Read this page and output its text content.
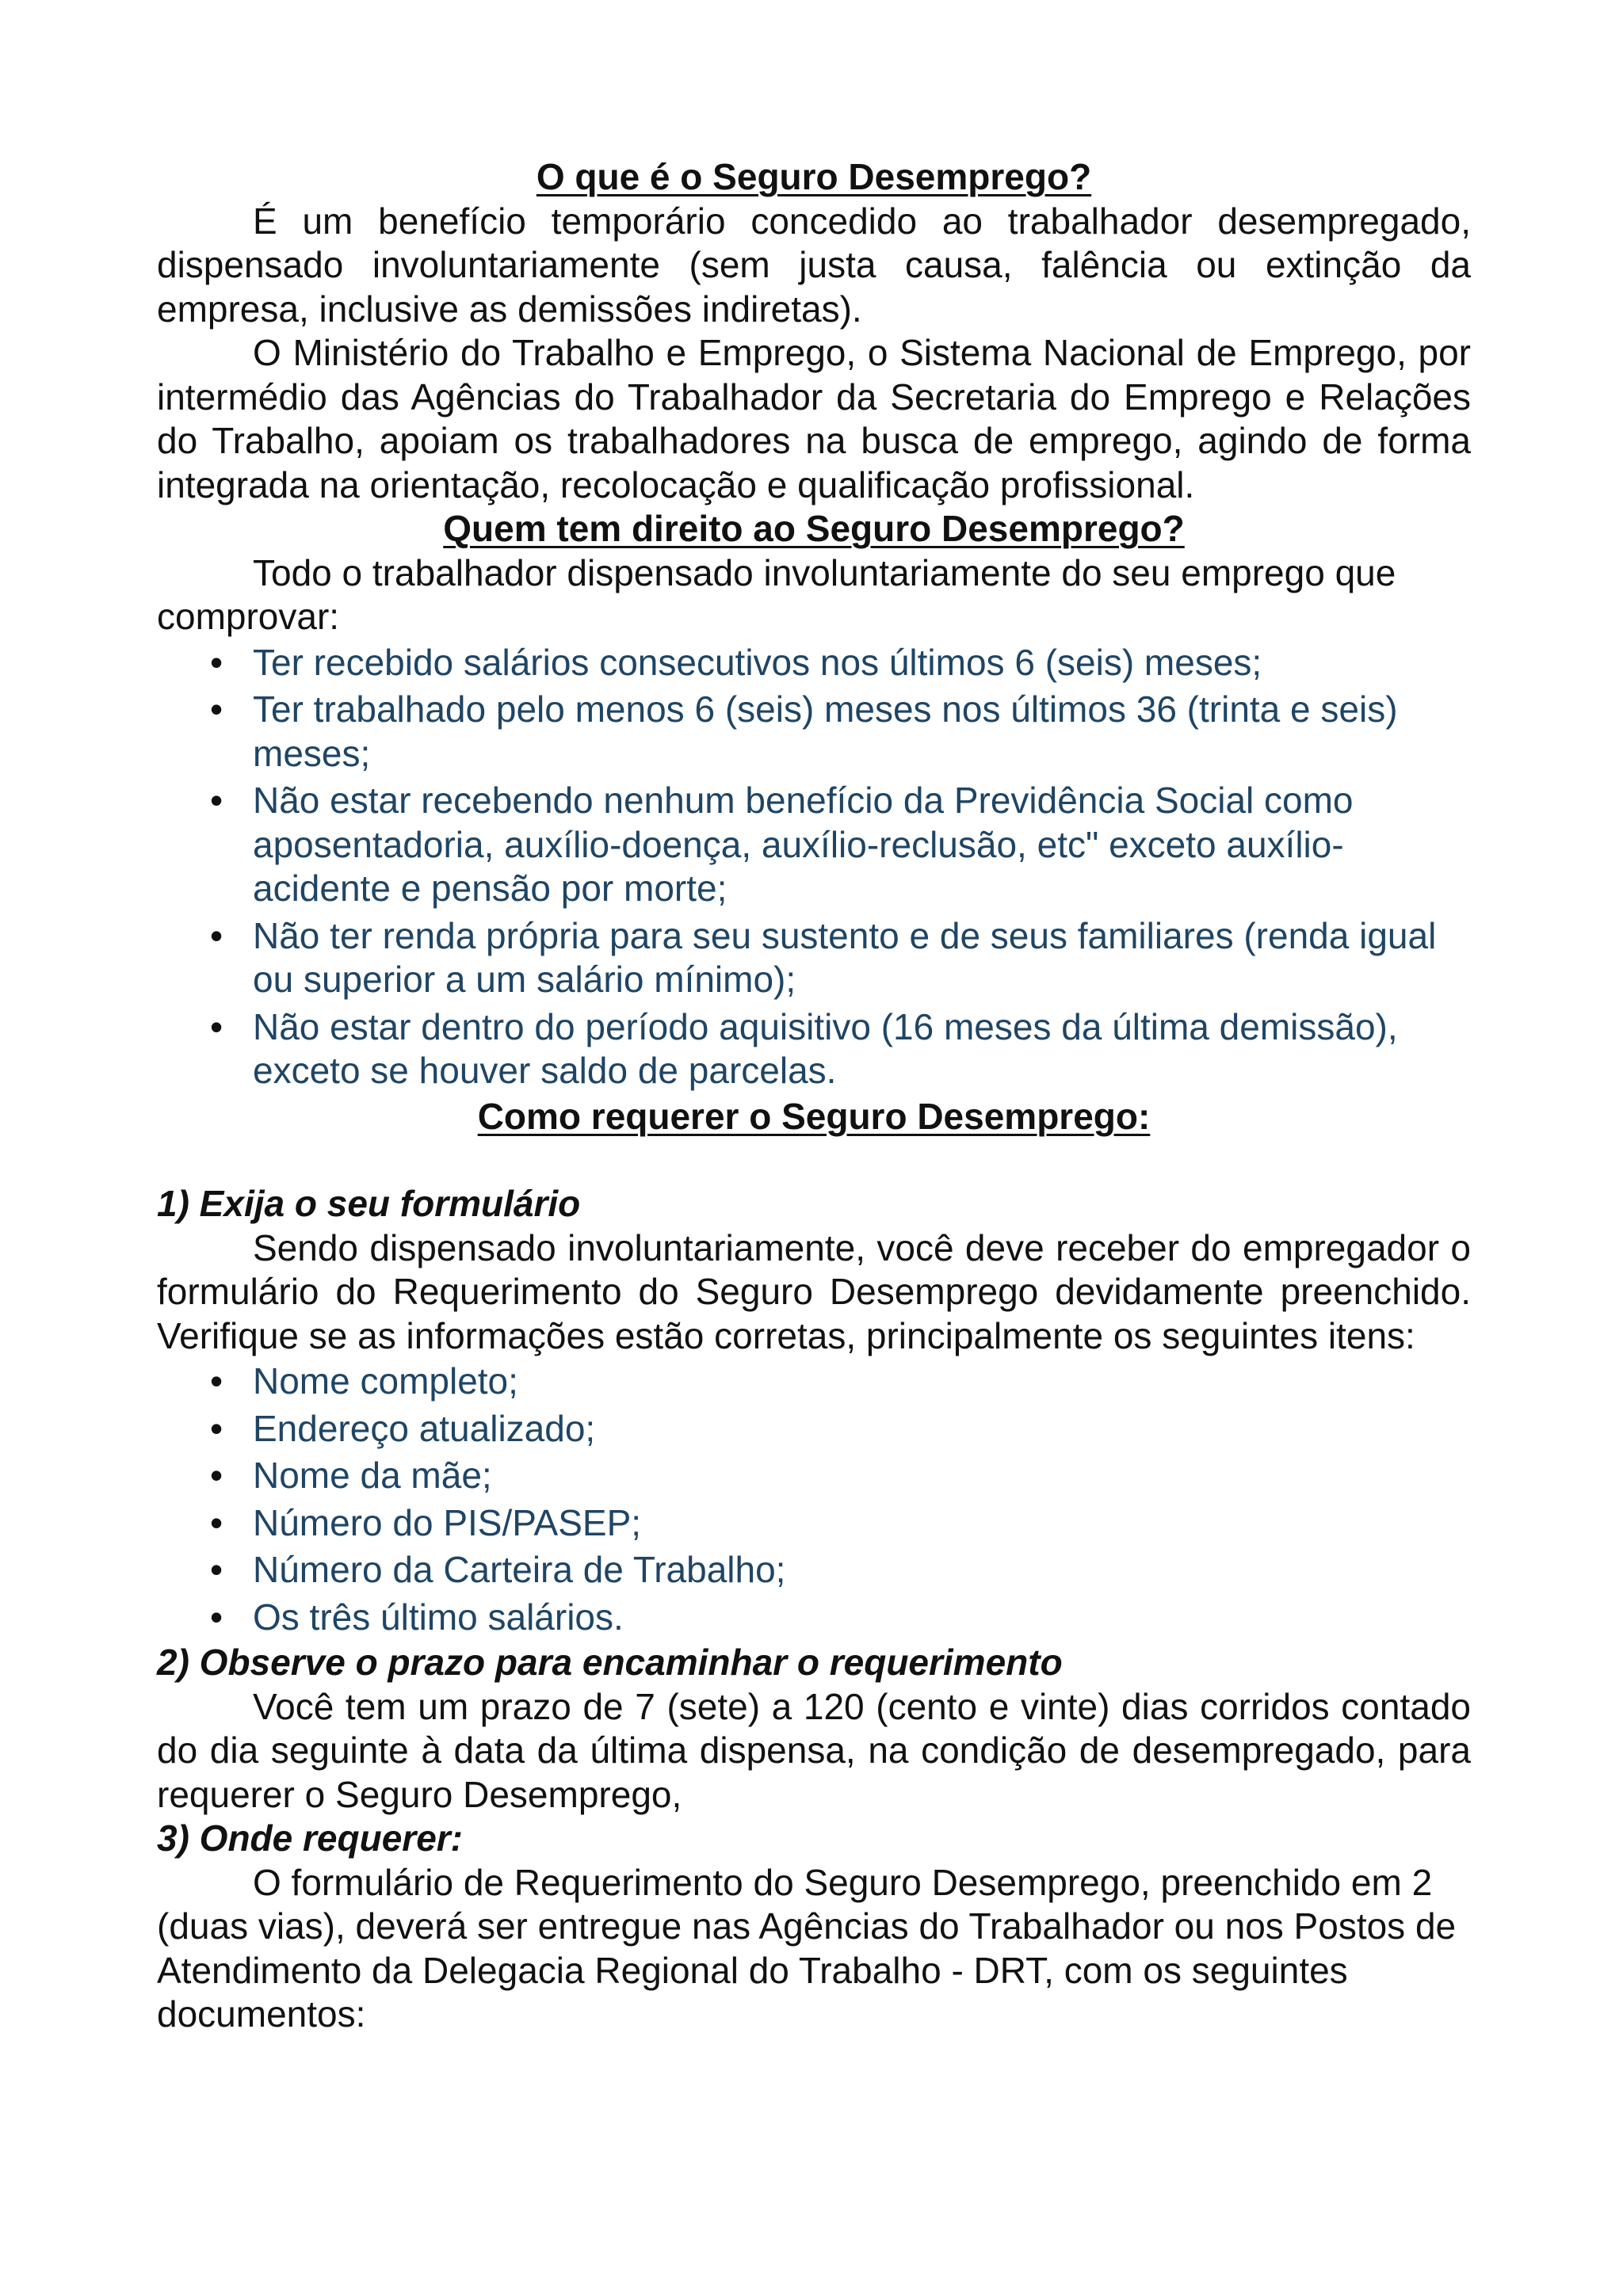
O que é o Seguro Desemprego?

É um benefício temporário concedido ao trabalhador desempregado, dispensado involuntariamente (sem justa causa, falência ou extinção da empresa, inclusive as demissões indiretas).

O Ministério do Trabalho e Emprego, o Sistema Nacional de Emprego, por intermédio das Agências do Trabalhador da Secretaria do Emprego e Relações do Trabalho, apoiam os trabalhadores na busca de emprego, agindo de forma integrada na orientação, recolocação e qualificação profissional.

Quem tem direito ao Seguro Desemprego?

Todo o trabalhador dispensado involuntariamente do seu emprego que comprovar:

• Ter recebido salários consecutivos nos últimos 6 (seis) meses;
• Ter trabalhado pelo menos 6 (seis) meses nos últimos 36 (trinta e seis) meses;
• Não estar recebendo nenhum benefício da Previdência Social como aposentadoria, auxílio-doença, auxílio-reclusão, etc" exceto auxílio-acidente e pensão por morte;
• Não ter renda própria para seu sustento e de seus familiares (renda igual ou superior a um salário mínimo);
• Não estar dentro do período aquisitivo (16 meses da última demissão), exceto se houver saldo de parcelas.

Como requerer o Seguro Desemprego:

1) Exija o seu formulário

Sendo dispensado involuntariamente, você deve receber do empregador o formulário do Requerimento do Seguro Desemprego devidamente preenchido. Verifique se as informações estão corretas, principalmente os seguintes itens:

• Nome completo;
• Endereço atualizado;
• Nome da mãe;
• Número do PIS/PASEP;
• Número da Carteira de Trabalho;
• Os três último salários.

2) Observe o prazo para encaminhar o requerimento

Você tem um prazo de 7 (sete) a 120 (cento e vinte) dias corridos contado do dia seguinte à data da última dispensa, na condição de desempregado, para requerer o Seguro Desemprego,

3) Onde requerer:

O formulário de Requerimento do Seguro Desemprego, preenchido em 2 (duas vias), deverá ser entregue nas Agências do Trabalhador ou nos Postos de Atendimento da Delegacia Regional do Trabalho - DRT, com os seguintes documentos:
